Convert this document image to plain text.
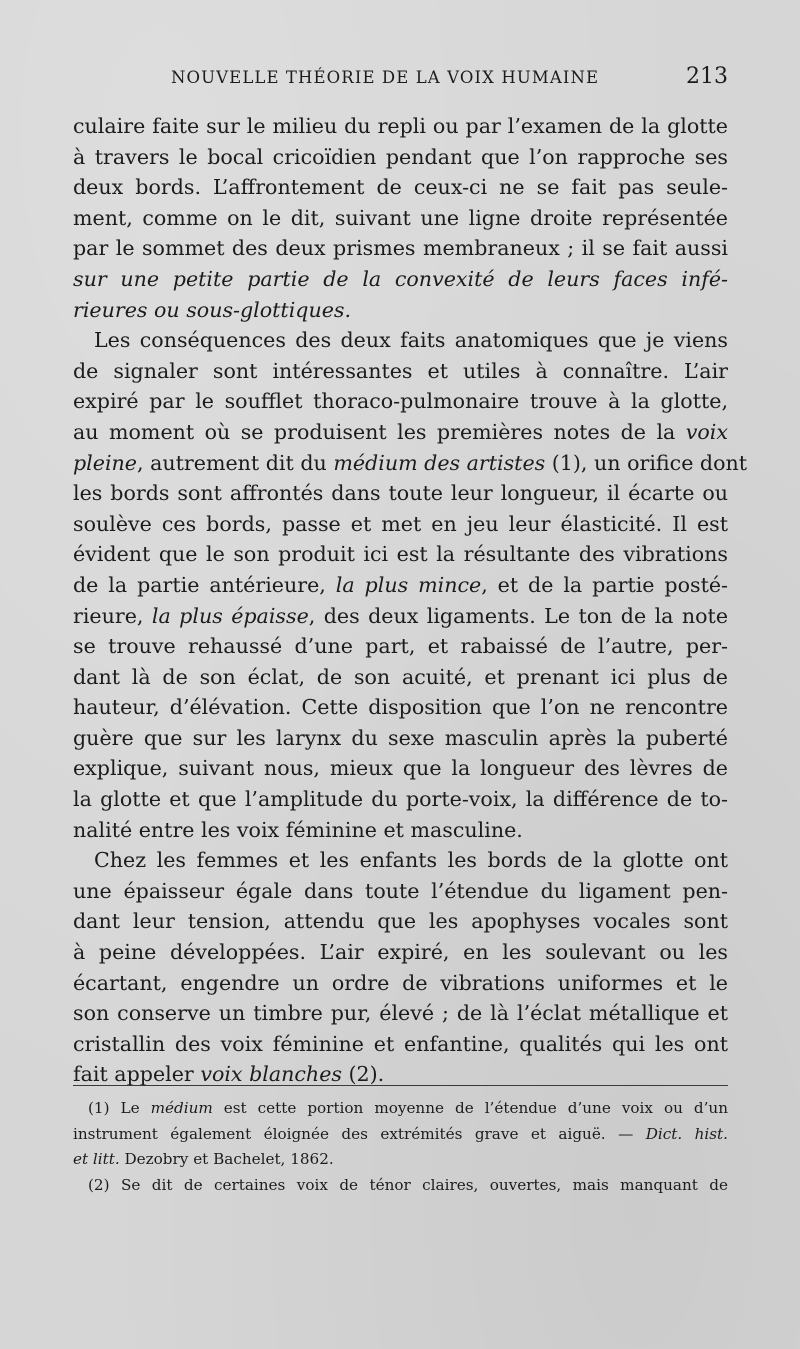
NOUVELLE THÉORIE DE LA VOIX HUMAINE	213
culaire faite sur le milieu du repli ou par l’examen de la glotte
à travers le bocal cricoïdien pendant que l’on rapproche ses
deux bords. L’affrontement de ceux-ci ne se fait pas seule-
ment, comme on le dit, suivant une ligne droite représentée
par le sommet des deux prismes membraneux ; il se fait aussi
sur une petite partie de la convexité de leurs faces infé-
rieures ou sous-glottiques.
Les conséquences des deux faits anatomiques que je viens
de signaler sont intéressantes et utiles à connaître. L’air
expiré par le soufflet thoraco-pulmonaire trouve à la glotte,
au moment où se produisent les premières notes de la voix
pleine, autrement dit du médium des artistes (1), un orifice dont
les bords sont affrontés dans toute leur longueur, il écarte ou
soulève ces bords, passe et met en jeu leur élasticité. Il est
évident que le son produit ici est la résultante des vibrations
de la partie antérieure, la plus mince, et de la partie posté-
rieure, la plus épaisse, des deux ligaments. Le ton de la note
se trouve rehaussé d’une part, et rabaissé de l’autre, per-
dant là de son éclat, de son acuité, et prenant ici plus de
hauteur, d’élévation. Cette disposition que l’on ne rencontre
guère que sur les larynx du sexe masculin après la puberté
explique, suivant nous, mieux que la longueur des lèvres de
la glotte et que l’amplitude du porte-voix, la différence de to-
nalité entre les voix féminine et masculine.
Chez les femmes et les enfants les bords de la glotte ont
une épaisseur égale dans toute l’étendue du ligament pen-
dant leur tension, attendu que les apophyses vocales sont
à peine développées. L’air expiré, en les soulevant ou les
écartant, engendre un ordre de vibrations uniformes et le
son conserve un timbre pur, élevé ; de là l’éclat métallique et
cristallin des voix féminine et enfantine, qualités qui les ont
fait appeler voix blanches (2).
(1) Le médium est cette portion moyenne de l’étendue d’une voix ou d’un
instrument également éloignée des extrémités grave et aiguë. — Dict. hist.
et litt. Dezobry et Bachelet, 1862.
(2) Se dit de certaines voix de ténor claires, ouvertes, mais manquant de
